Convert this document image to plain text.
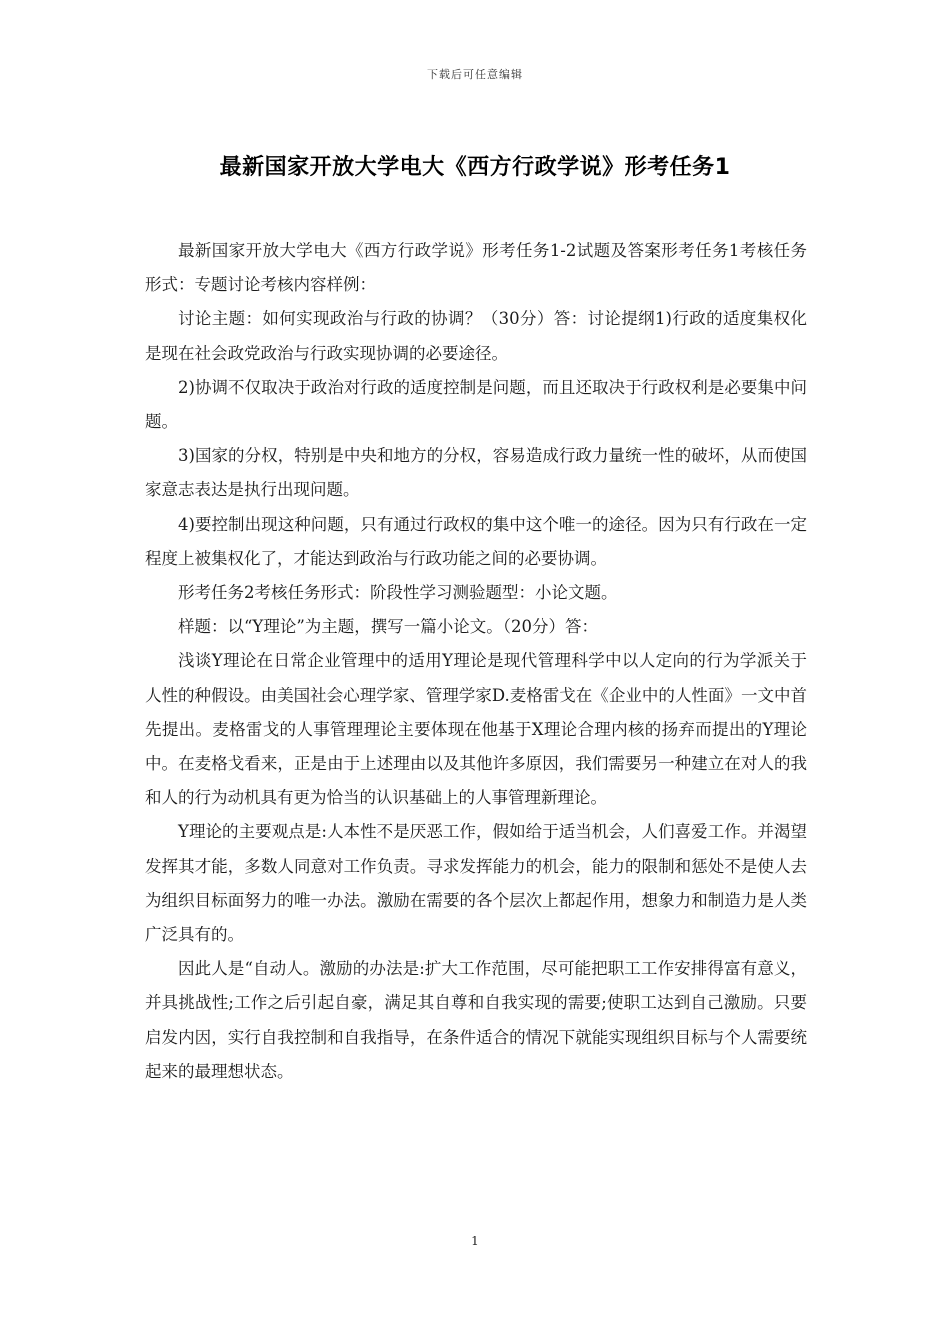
下载后可任意编辑
最新国家开放大学电大《西方行政学说》形考任务1

最新国家开放大学电大《西方行政学说》形考任务1-2试题及答案形考任务1考核任务形式：专题讨论考核内容样例：

讨论主题：如何实现政治与行政的协调？（30分）答：讨论提纲1)行政的适度集权化是现在社会政党政治与行政实现协调的必要途径。

2)协调不仅取决于政治对行政的适度控制是问题，而且还取决于行政权利是必要集中问题。

3)国家的分权，特别是中央和地方的分权，容易造成行政力量统一性的破坏，从而使国家意志表达是执行出现问题。

4)要控制出现这种问题，只有通过行政权的集中这个唯一的途径。因为只有行政在一定程度上被集权化了，才能达到政治与行政功能之间的必要协调。

形考任务2考核任务形式：阶段性学习测验题型：小论文题。

样题：以“Y理论”为主题，撰写一篇小论文。（20分）答：

浅谈Y理论在日常企业管理中的适用Y理论是现代管理科学中以人定向的行为学派关于人性的种假设。由美国社会心理学家、管理学家D.麦格雷戈在《企业中的人性面》一文中首先提出。麦格雷戈的人事管理理论主要体现在他基于X理论合理内核的扬弃而提出的Y理论中。在麦格戈看来，正是由于上述理由以及其他许多原因，我们需要另一种建立在对人的我和人的行为动机具有更为恰当的认识基础上的人事管理新理论。

Y理论的主要观点是:人本性不是厌恶工作，假如给于适当机会，人们喜爱工作。并渴望发挥其才能，多数人同意对工作负责。寻求发挥能力的机会，能力的限制和惩处不是使人去为组织目标面努力的唯一办法。激励在需要的各个层次上都起作用，想象力和制造力是人类广泛具有的。

因此人是“自动人。激励的办法是:扩大工作范围，尽可能把职工工作安排得富有意义，并具挑战性;工作之后引起自豪，满足其自尊和自我实现的需要;使职工达到自己激励。只要启发内因，实行自我控制和自我指导，在条件适合的情况下就能实现组织目标与个人需要统起来的最理想状态。

1
